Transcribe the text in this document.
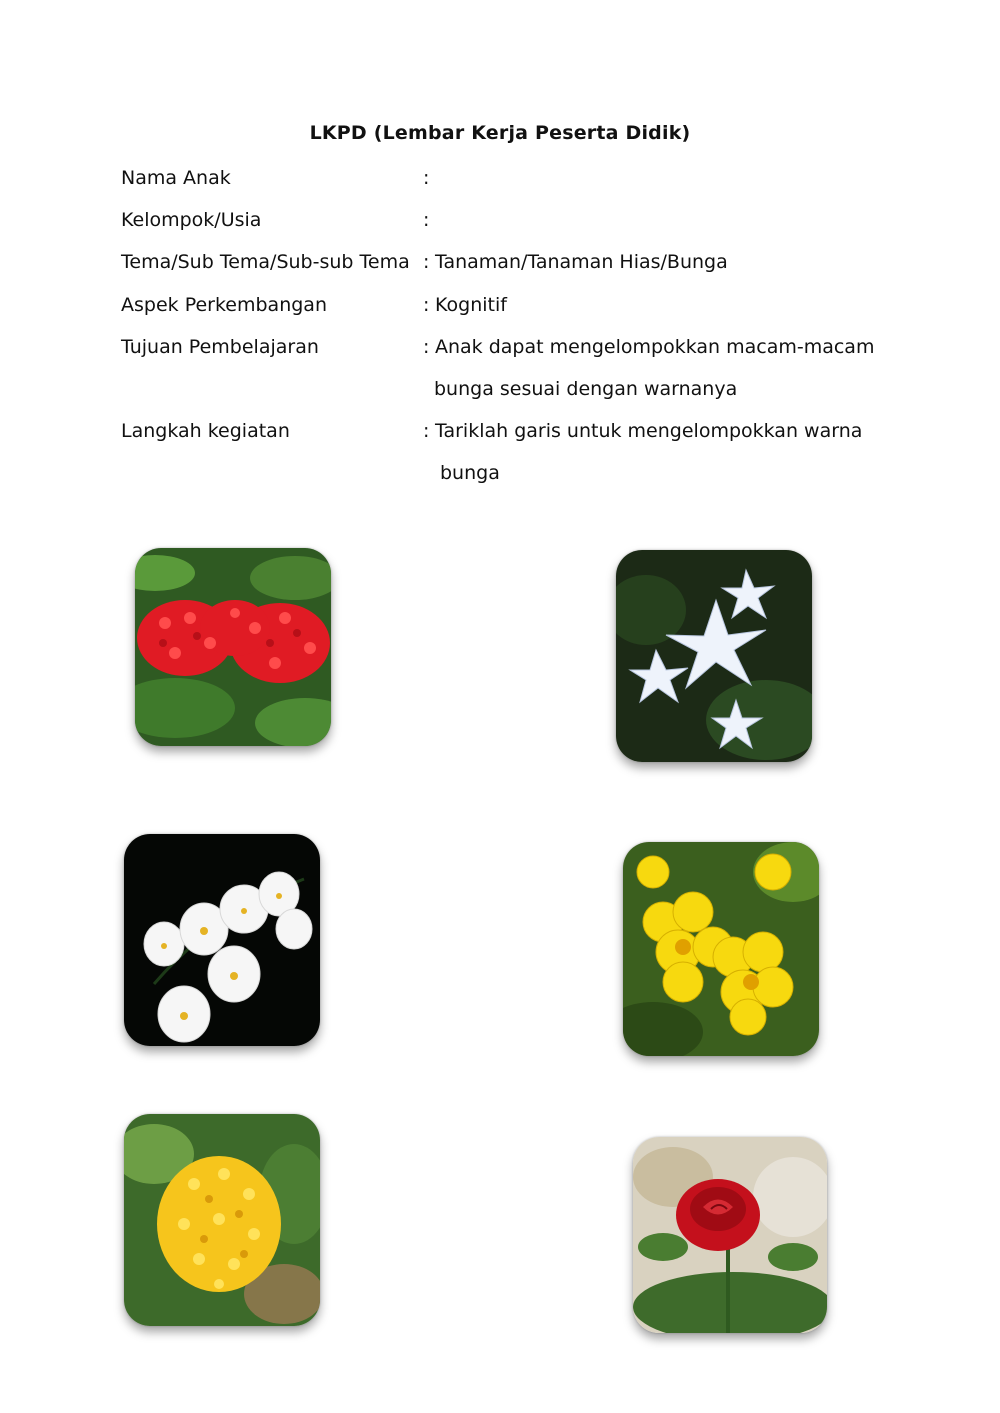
LKPD (Lembar Kerja Peserta Didik)
Nama Anak	:
Kelompok/Usia	:
Tema/Sub Tema/Sub-sub Tema : Tanaman/Tanaman Hias/Bunga
Aspek Perkembangan	: Kognitif
Tujuan Pembelajaran	: Anak dapat mengelompokkan macam-macam
bunga sesuai dengan warnanya
Langkah kegiatan	: Tariklah garis untuk mengelompokkan warna
bunga
